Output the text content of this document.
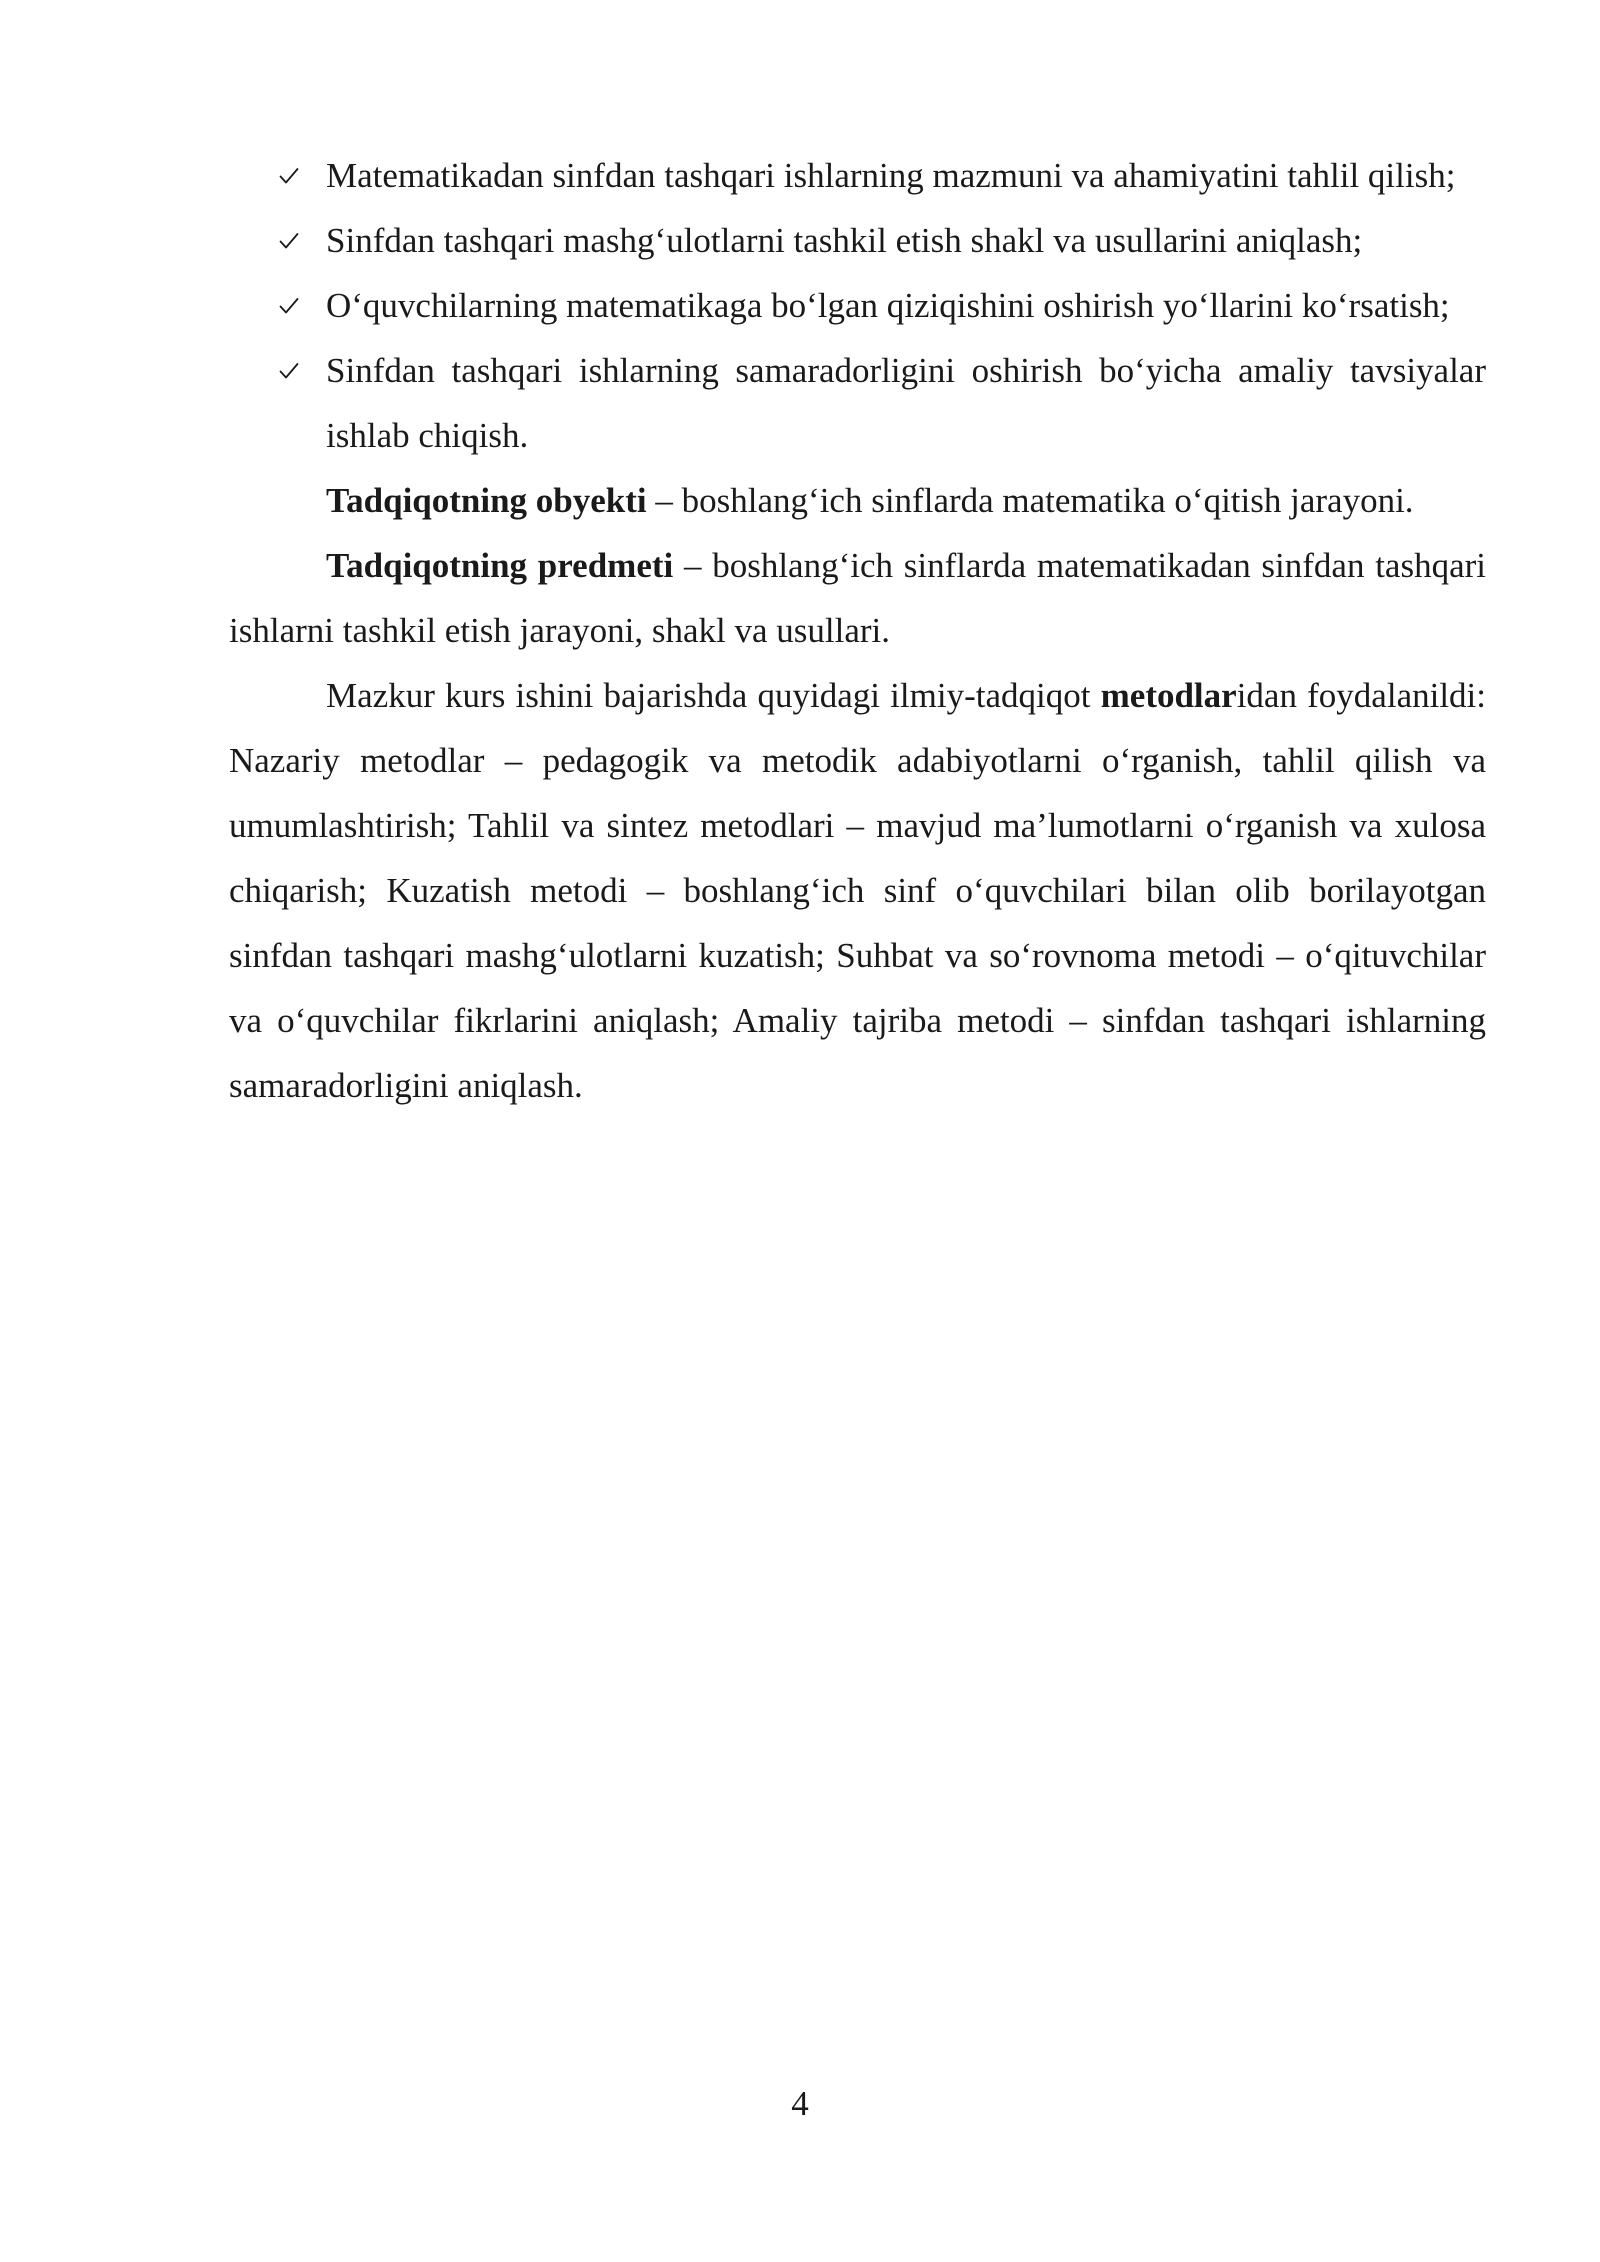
Matematikadan sinfdan tashqari ishlarning mazmuni va ahamiyatini tahlil qilish;
Sinfdan tashqari mashg‘ulotlarni tashkil etish shakl va usullarini aniqlash;
O‘quvchilarning matematikaga bo‘lgan qiziqishini oshirish yo‘llarini ko‘rsatish;
Sinfdan tashqari ishlarning samaradorligini oshirish bo‘yicha amaliy tavsiyalar ishlab chiqish.

Tadqiqotning obyekti – boshlang‘ich sinflarda matematika o‘qitish jarayoni.

Tadqiqotning predmeti – boshlang‘ich sinflarda matematikadan sinfdan tashqari ishlarni tashkil etish jarayoni, shakl va usullari.

Mazkur kurs ishini bajarishda quyidagi ilmiy-tadqiqot metodlaridan foydalanildi: Nazariy metodlar – pedagogik va metodik adabiyotlarni o‘rganish, tahlil qilish va umumlashtirish; Tahlil va sintez metodlari – mavjud ma’lumotlarni o‘rganish va xulosa chiqarish; Kuzatish metodi – boshlang‘ich sinf o‘quvchilari bilan olib borilayotgan sinfdan tashqari mashg‘ulotlarni kuzatish; Suhbat va so‘rovnoma metodi – o‘qituvchilar va o‘quvchilar fikrlarini aniqlash; Amaliy tajriba metodi – sinfdan tashqari ishlarning samaradorligini aniqlash.

4
